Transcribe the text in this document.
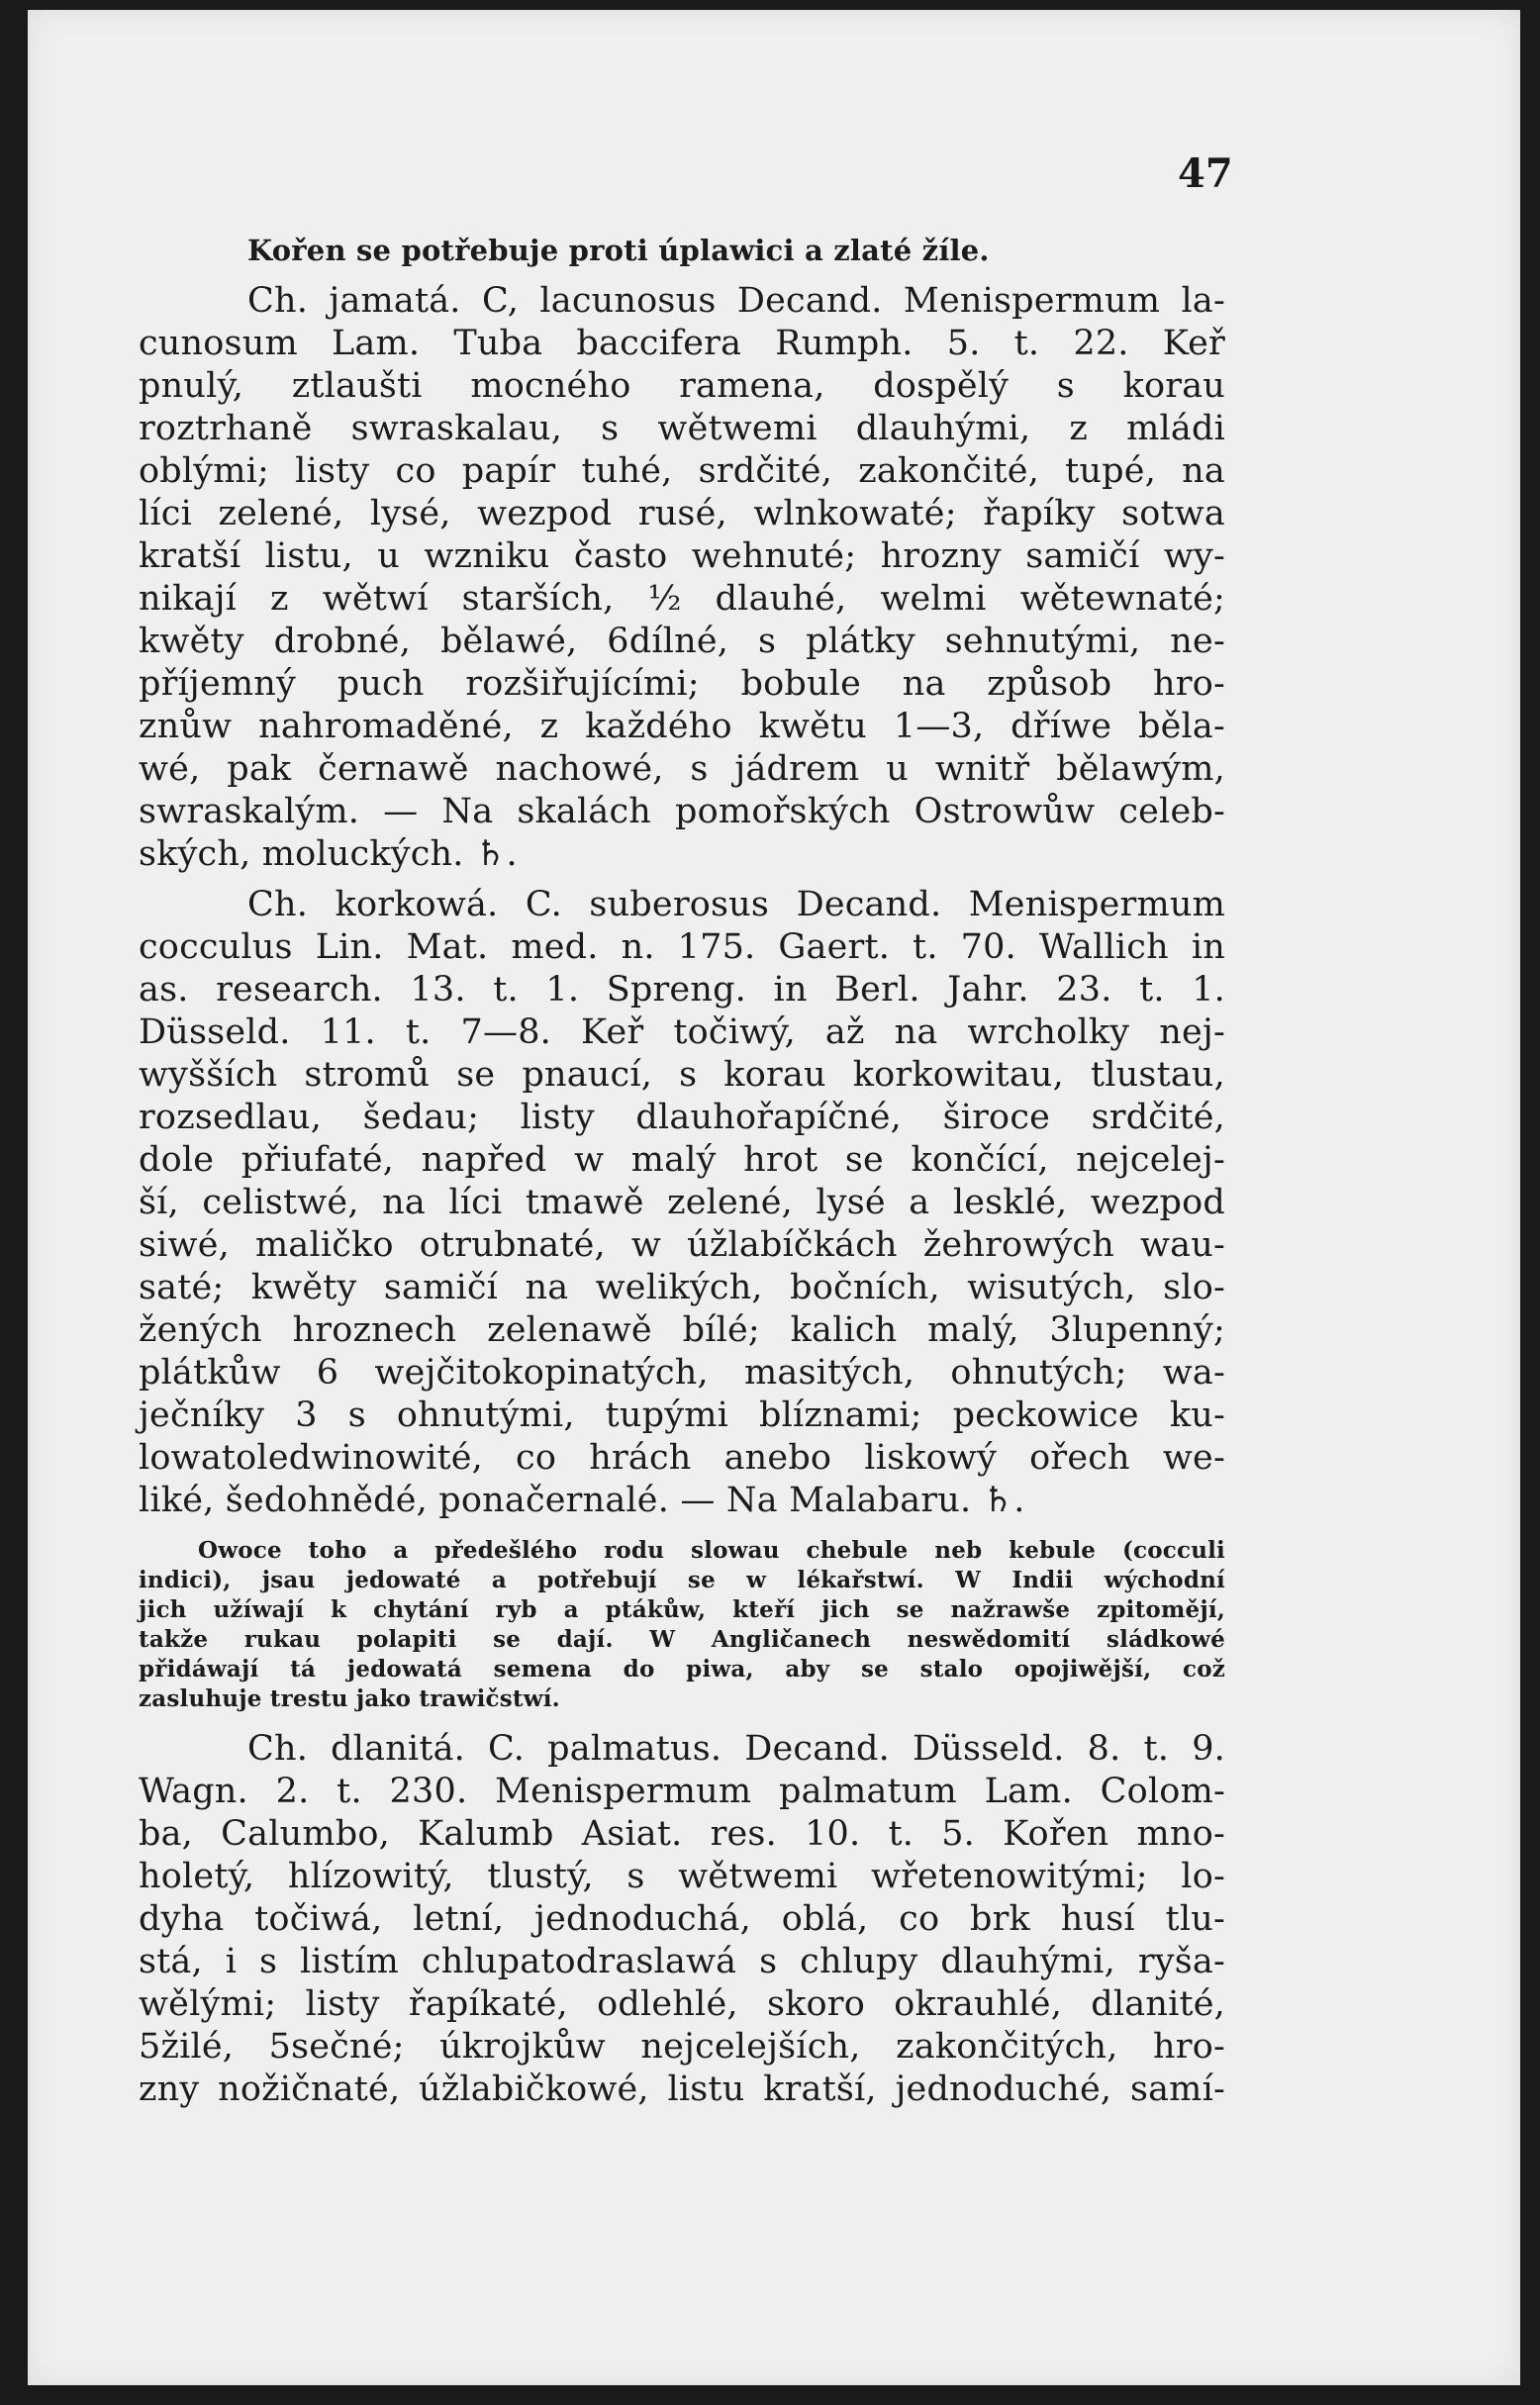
47
Kořen se potřebuje proti úplawici a zlaté žíle.
Ch. jamatá. C, lacunosus Decand. Menispermum la-
cunosum Lam. Tuba baccifera Rumph. 5. t. 22. Keř
pnulý, ztlaušti mocného ramena, dospělý s korau
roztrhaně swraskalau, s wětwemi dlauhými, z mládi
oblými; listy co papír tuhé, srdčité, zakončité, tupé, na
líci zelené, lysé, wezpod rusé, wlnkowaté; řapíky sotwa
kratší listu, u wzniku často wehnuté; hrozny samičí wy-
nikají z wětwí starších, ½ dlauhé, welmi wětewnaté;
kwěty drobné, bělawé, 6dílné, s plátky sehnutými, ne-
příjemný puch rozšiřujícími; bobule na způsob hro-
znůw nahromaděné, z každého kwětu 1—3, dříwe běla-
wé, pak černawě nachowé, s jádrem u wnitř bělawým,
swraskalým. — Na skalách pomořských Ostrowůw celeb-
ských, moluckých. ♄.
Ch. korkowá. C. suberosus Decand. Menispermum
cocculus Lin. Mat. med. n. 175. Gaert. t. 70. Wallich in
as. research. 13. t. 1. Spreng. in Berl. Jahr. 23. t. 1.
Düsseld. 11. t. 7—8. Keř točiwý, až na wrcholky nej-
wyšších stromů se pnaucí, s korau korkowitau, tlustau,
rozsedlau, šedau; listy dlauhořapíčné, široce srdčité,
dole přiufaté, napřed w malý hrot se končící, nejcelej-
ší, celistwé, na líci tmawě zelené, lysé a lesklé, wezpod
siwé, maličko otrubnaté, w úžlabíčkách žehrowých wau-
saté; kwěty samičí na welikých, bočních, wisutých, slo-
žených hroznech zelenawě bílé; kalich malý, 3lupenný;
plátkůw 6 wejčitokopinatých, masitých, ohnutých; wa-
ječníky 3 s ohnutými, tupými blíznami; peckowice ku-
lowatoledwinowité, co hrách anebo liskowý ořech we-
liké, šedohnědé, ponačernalé. — Na Malabaru. ♄.
Owoce toho a předešlého rodu slowau chebule neb kebule (cocculi
indici), jsau jedowaté a potřebují se w lékařstwí. W Indii wýchodní
jich užíwají k chytání ryb a ptákůw, kteří jich se nažrawše zpitomějí,
takže rukau polapiti se dají. W Angličanech neswědomití sládkowé
přidáwají tá jedowatá semena do piwa, aby se stalo opojiwější, což
zasluhuje trestu jako trawičstwí.
Ch. dlanitá. C. palmatus. Decand. Düsseld. 8. t. 9.
Wagn. 2. t. 230. Menispermum palmatum Lam. Colom-
ba, Calumbo, Kalumb Asiat. res. 10. t. 5. Kořen mno-
holetý, hlízowitý, tlustý, s wětwemi wřetenowitými; lo-
dyha točiwá, letní, jednoduchá, oblá, co brk husí tlu-
stá, i s listím chlupatodraslawá s chlupy dlauhými, ryša-
wělými; listy řapíkaté, odlehlé, skoro okrauhlé, dlanité,
5žilé, 5sečné; úkrojkůw nejcelejších, zakončitých, hro-
zny nožičnaté, úžlabičkowé, listu kratší, jednoduché, samí-
